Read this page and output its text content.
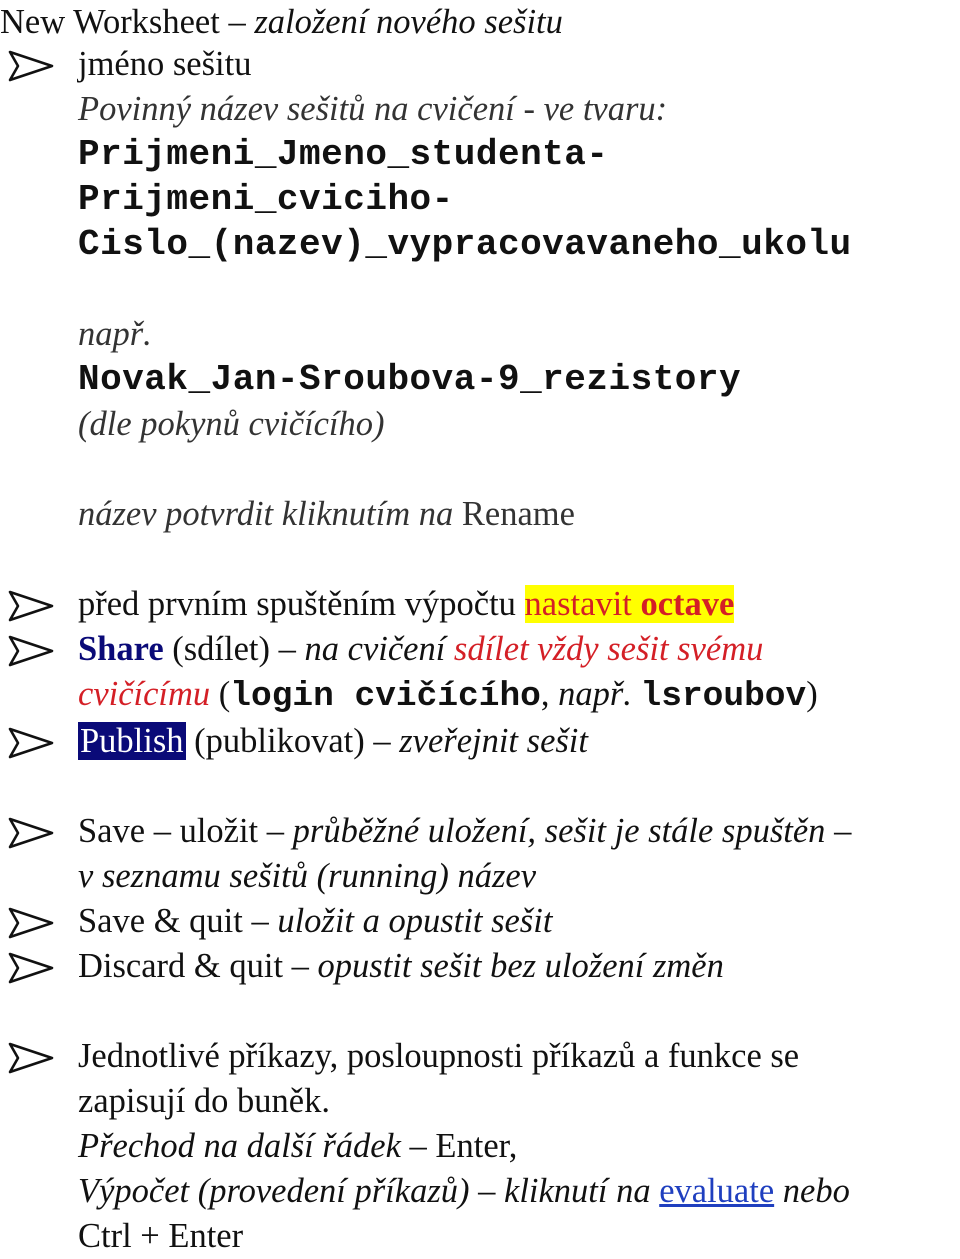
New Worksheet – založení nového sešitu
jméno sešitu
Povinný název sešitů na cvičení - ve tvaru:
Prijmeni_Jmeno_studenta-
Prijmeni_cviciho-
Cislo_(nazev)_vypracovavaneho_ukolu
např.
Novak_Jan-Sroubova-9_rezistory
(dle pokynů cvičícího)
název potvrdit kliknutím na Rename
před prvním spuštěním výpočtu nastavit octave
Share (sdílet) – na cvičení sdílet vždy sešit svému
cvičícímu (login cvičícího, např. lsroubov)
Publish (publikovat) – zveřejnit sešit
Save – uložit – průběžné uložení, sešit je stále spuštěn –
v seznamu sešitů (running) název
Save & quit – uložit a opustit sešit
Discard & quit – opustit sešit bez uložení změn
Jednotlivé příkazy, posloupnosti příkazů a funkce se
zapisují do buněk.
Přechod na další řádek – Enter,
Výpočet (provedení příkazů) – kliknutí na evaluate nebo
Ctrl + Enter
